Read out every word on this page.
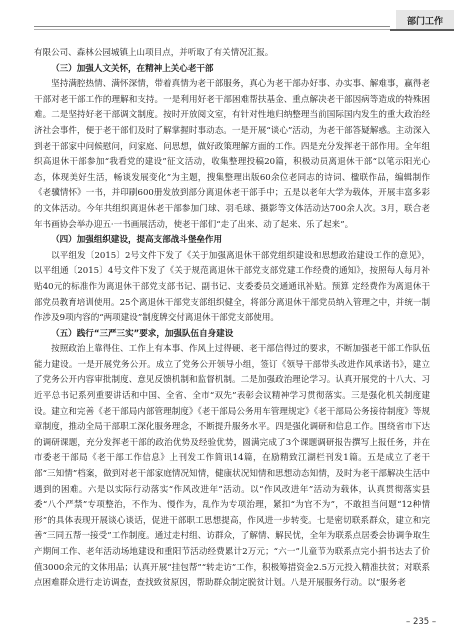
部门工作

有限公司、森林公园城镇上山项目点，并听取了有关情况汇报。

（三）加强人文关怀，在精神上关心老干部

坚持满腔热情、满怀深情，带着真情为老干部服务，真心为老干部办好事、办实事、解难事，赢得老干部对老干部工作的理解和支持。一是利用好老干部困难帮扶基金、重点解决老干部因病等造成的特殊困难。二是坚持好老干部调文制度。按时开放阅文室，有针对性地归纳整理当前国际国内发生的重大政治经济社会事件，便于老干部们及时了解掌握时事动态。一是开展“谈心”活动，为老干部答疑解惑。主动深入到老干部家中问候慰问，问家庭、问思想，做好政策理解方面的工作。四是充分发挥老干部作用。全年组织高退休干部参加“我看党的建设”征文活动，收集整理投稿20篇，积极动员离退休干部“以笔示阳光心态，体现美好生活，畅谈发展变化”为主题，搜集整理出版60余位老同志的诗词、楹联作品，编辑制作《老骥情怀》一书，并印刷600册发放到部分离退休老干部手中；五是以老年大学为载体，开展丰富多彩的文体活动。今年共组织离退休老干部参加门球、羽毛球、摄影等文体活动达700余人次。3月，联合老年书画协会举办迎五·一书画展活动，使老干部们“走了出来、动了起来、乐了起来”。

（四）加强组织建设，提高支部战斗堡垒作用

以平组发〔2015〕2号文件下发了《关于加强离退休干部党组织建设和思想政治建设工作的意见》，以平组通〔2015〕4号文件下发了《关于规范离退休干部党支部党建工作经费的通知》，按照每人每月补贴40元的标准作为离退休干部党支部书记、副书记、支委委员交通通讯补贴。预算 定经费作为离退休干部党员教育培训使用。25个离退休干部党支部组织健全，将部分离退休干部党员纳入管理之中，并统一制作涉及9项内容的“两项建设”制度牌交付离退休干部党支部使用。

（五）践行“三严三实”要求，加强队伍自身建设

按照政治上靠得住、工作上有本事、作风上过得硬、老干部信得过的要求，不断加强老干部工作队伍能力建设。一是开展党务公开。成立了党务公开领导小组，签订《领导干部带头改进作风承诺书》，建立了党务公开内容审批制度、意见反馈机制和监督机制。二是加强政治理论学习。认真开展党的十八大、习近平总书记系列重要讲话和中国、全省、全市“双先”表彰会议精神学习贯彻落实。三是强化机关制度建设。建立和完善《老干部局内部管理制度》《老干部局公务用车管理规定》《老干部局公务接待制度》等规章制度，推动全局干部职工深化服务理念，不断提升服务水平。四是强化调研和信息工作。围绕省市下达的调研课题，充分发挥老干部的政治优势及经验优势，圆满完成了3个课题调研报告撰写上报任务，并在市委老干部局《老干部工作信息》上刊发工作简讯14篇，在励精致江湖栏刊发1篇。五是成立了老干部“三知情”档案，做到对老干部家庭情况知情，健康状况知情和思想动态知情，及时为老干部解决生活中遇到的困难。六是以实际行动落实“作风改进年”活动。以“作风改进年”活动为载体，认真贯彻落实县委“八个严禁”专项整治，不作为、慢作为，乱作为专项治理，紧扣“为官不为”，不敢担当问题“12种情形”的具体表现开展谈心谈话，促进干部职工思想提高，作风进一步转变。七是密切联系群众，建立和完善“三同五帮一接受”工作制度。通过走村组、访群众，了解情、解民忧，全年为联系点居委会协调争取生产期间工作、老年活动场地建设和重阳节活动经费累计2万元；“六一”儿童节为联系点完小捐书达去了价值3000余元的文体用品；认真开展“挂包帮”“转走访”工作，积极筹措资金2.5万元投入精准扶贫；对联系点困难群众进行走访调查，查找致贫原因，帮助群众制定脱贫计划。八是开展服务行动。以“服务老

– 235 –
